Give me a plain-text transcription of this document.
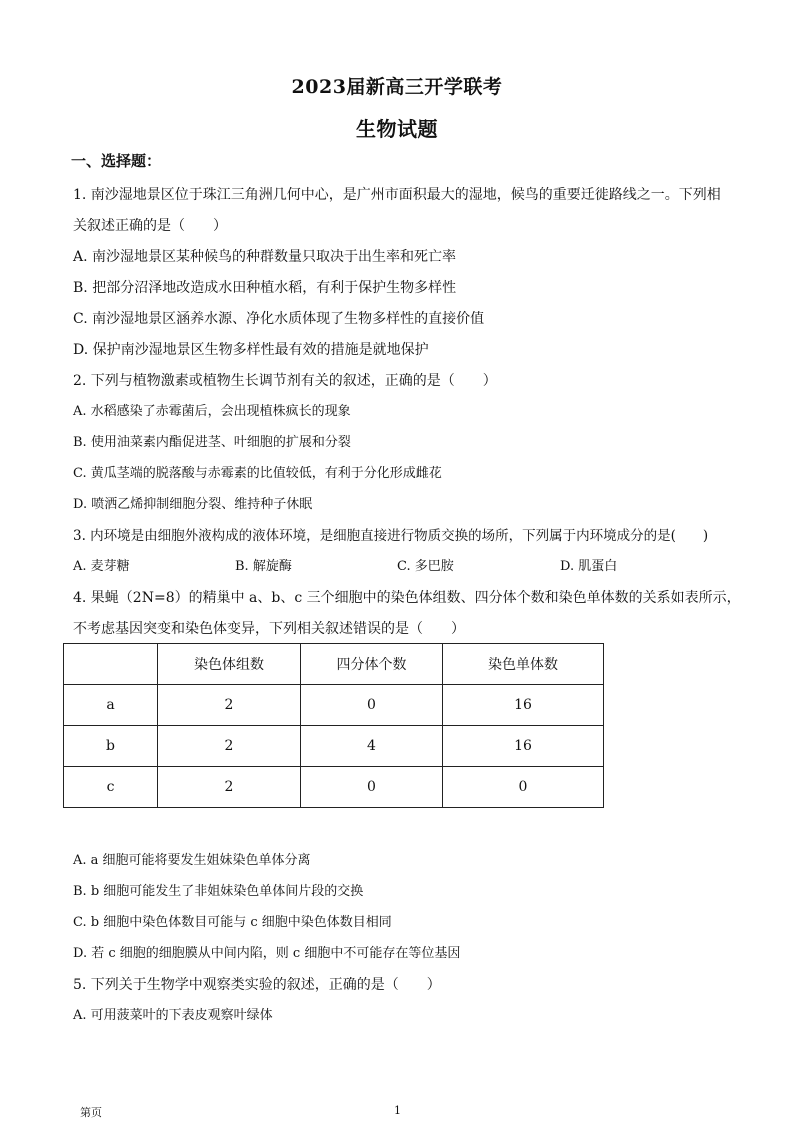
2023届新高三开学联考
生物试题
一、选择题：
1. 南沙湿地景区位于珠江三角洲几何中心，是广州市面积最大的湿地，候鸟的重要迁徙路线之一。下列相
关叙述正确的是（　　）
A. 南沙湿地景区某种候鸟的种群数量只取决于出生率和死亡率
B. 把部分沼泽地改造成水田种植水稻，有利于保护生物多样性
C. 南沙湿地景区涵养水源、净化水质体现了生物多样性的直接价值
D. 保护南沙湿地景区生物多样性最有效的措施是就地保护
2. 下列与植物激素或植物生长调节剂有关的叙述，正确的是（　　）
A. 水稻感染了赤霉菌后，会出现植株疯长的现象
B. 使用油菜素内酯促进茎、叶细胞的扩展和分裂
C. 黄瓜茎端的脱落酸与赤霉素的比值较低，有利于分化形成雌花
D. 喷洒乙烯抑制细胞分裂、维持种子休眠
3. 内环境是由细胞外液构成的液体环境，是细胞直接进行物质交换的场所，下列属于内环境成分的是(　　)
A. 麦芽糖	B. 解旋酶	C. 多巴胺	D. 肌蛋白
4. 果蝇（2N=8）的精巢中 a、b、c 三个细胞中的染色体组数、四分体个数和染色单体数的关系如表所示，
不考虑基因突变和染色体变异，下列相关叙述错误的是（　　）
	染色体组数	四分体个数	染色单体数
a	2	0	16
b	2	4	16
c	2	0	0
A. a 细胞可能将要发生姐妹染色单体分离
B. b 细胞可能发生了非姐妹染色单体间片段的交换
C. b 细胞中染色体数目可能与 c 细胞中染色体数目相同
D. 若 c 细胞的细胞膜从中间内陷，则 c 细胞中不可能存在等位基因
5. 下列关于生物学中观察类实验的叙述，正确的是（　　）
A. 可用菠菜叶的下表皮观察叶绿体
第页	1
